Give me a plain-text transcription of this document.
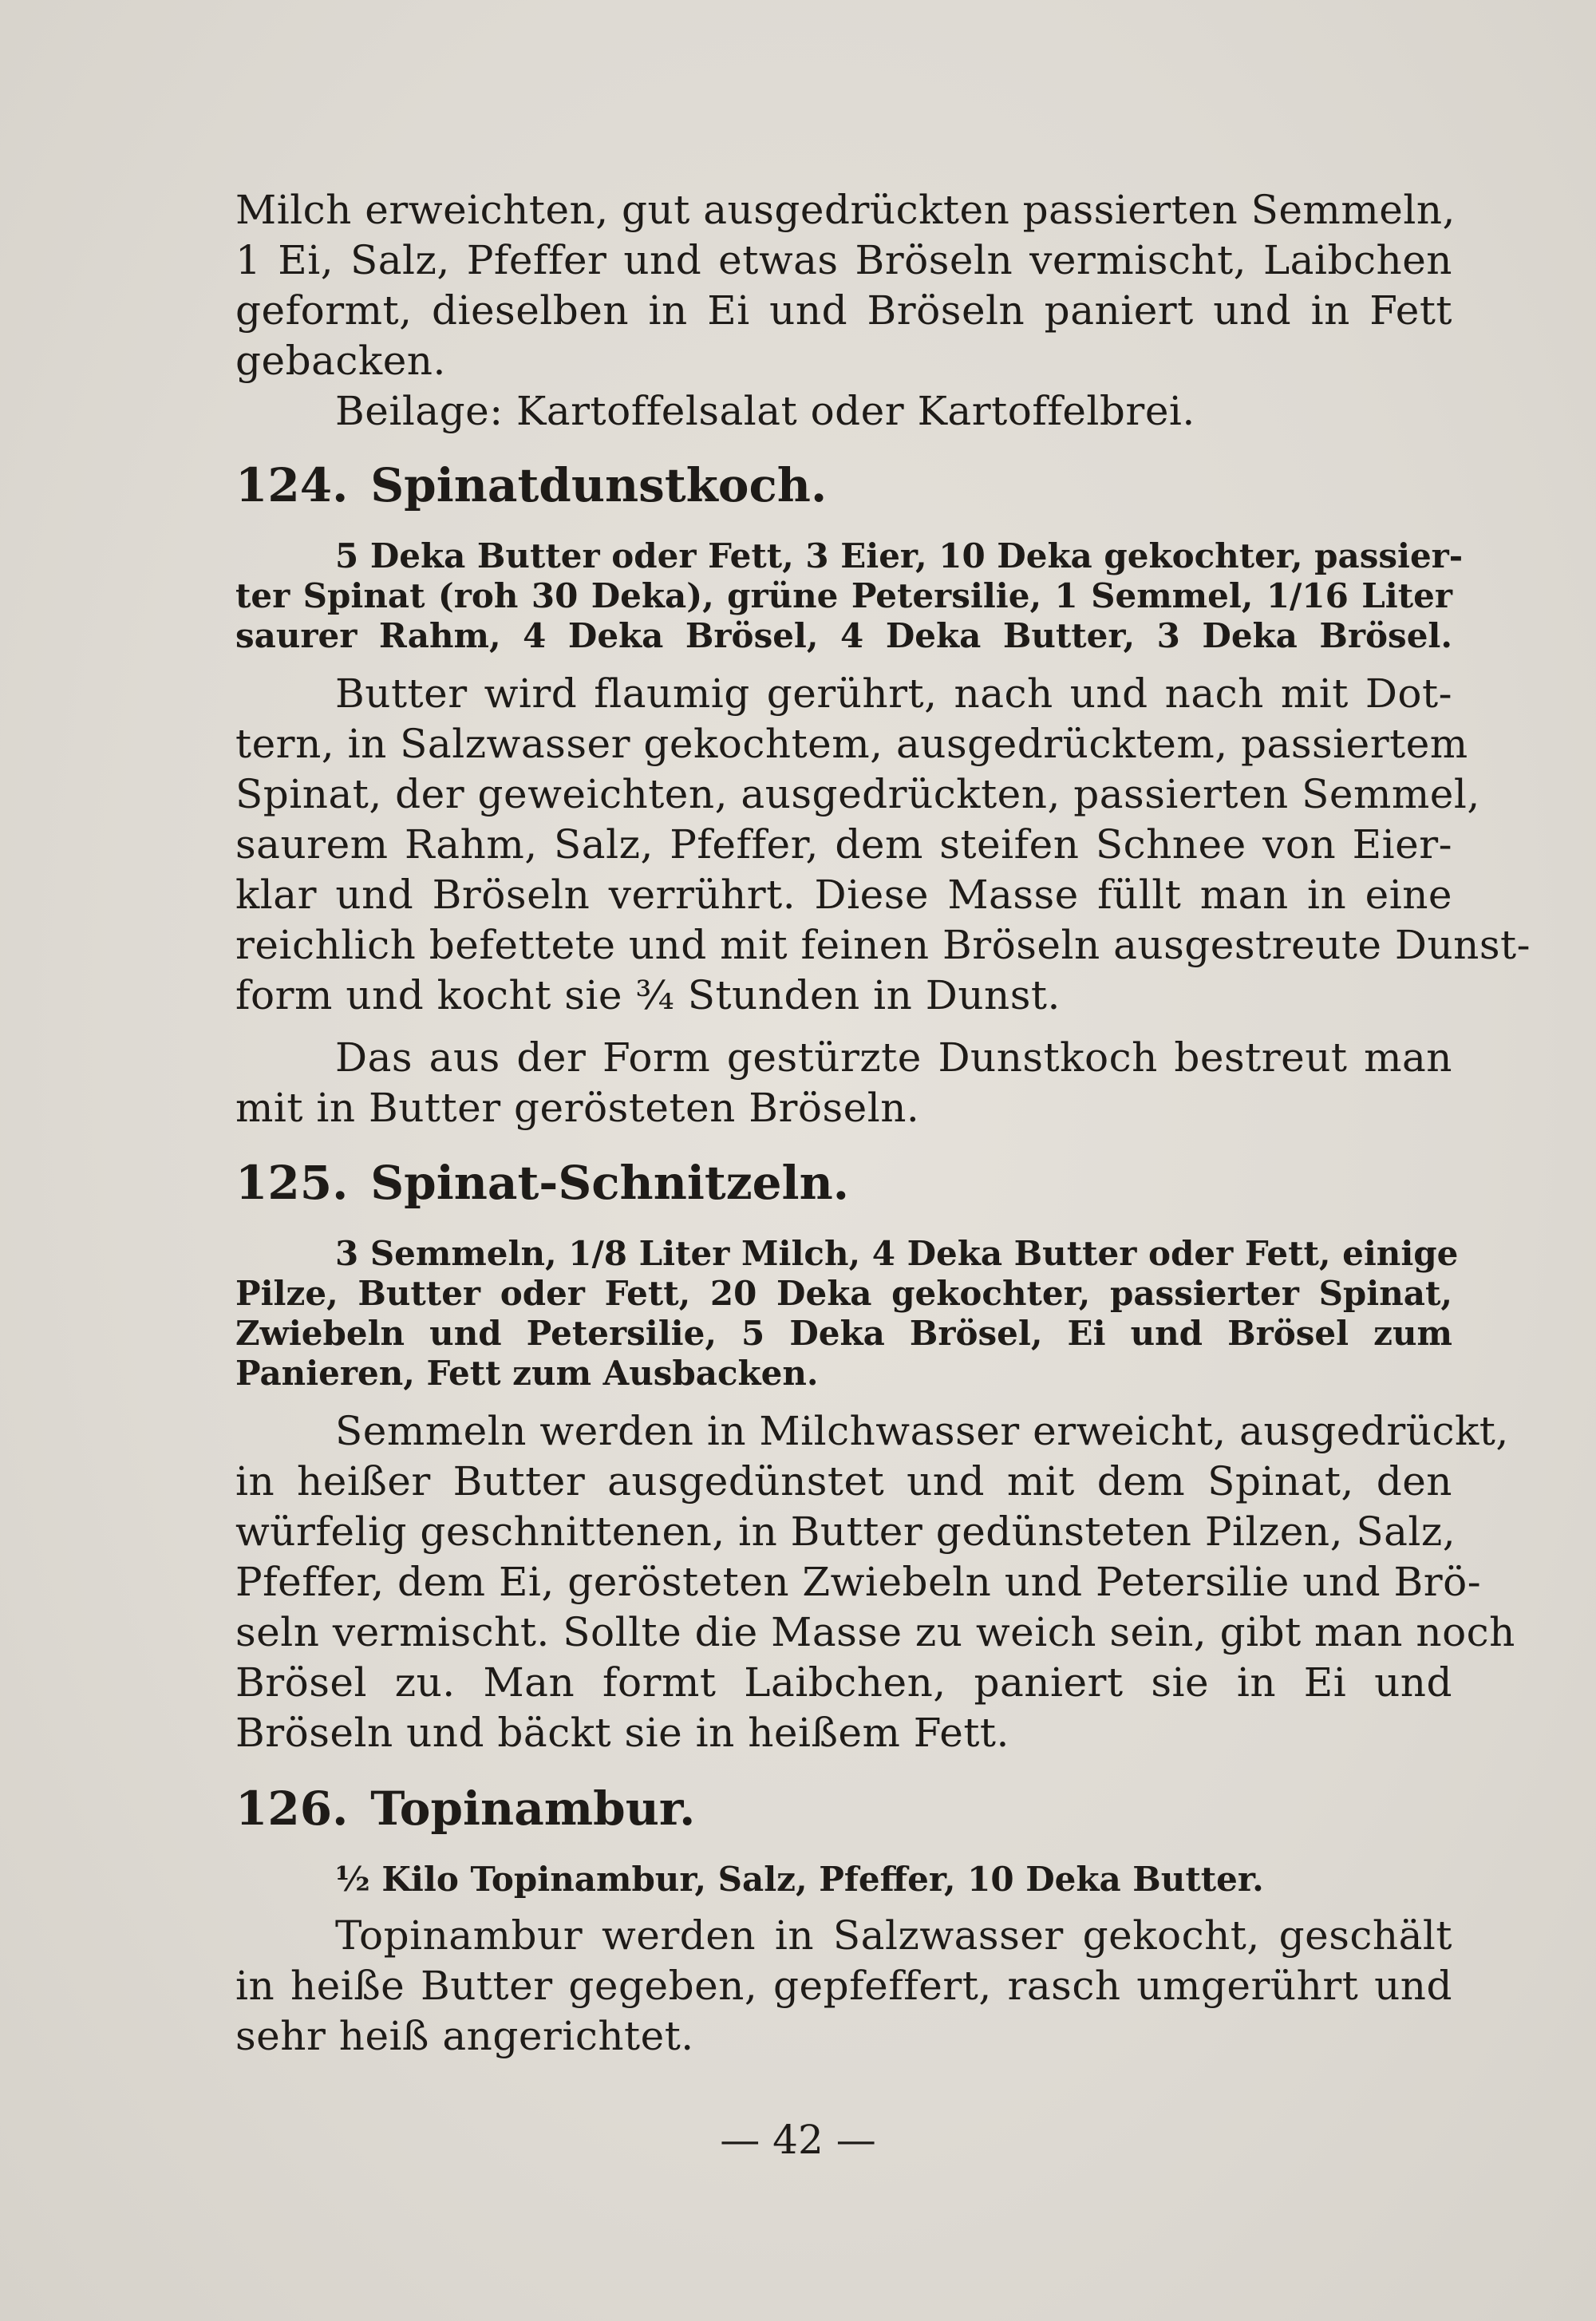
Milch erweichten, gut ausgedrückten passierten Semmeln,

1 Ei, Salz, Pfeffer und etwas Bröseln vermischt, Laibchen

geformt, dieselben in Ei und Bröseln paniert und in Fett

gebacken.

Beilage: Kartoffelsalat oder Kartoffelbrei.

124. Spinatdunstkoch.

5 Deka Butter oder Fett, 3 Eier, 10 Deka gekochter, passier-

ter Spinat (roh 30 Deka), grüne Petersilie, 1 Semmel, 1/16 Liter

saurer Rahm, 4 Deka Brösel, 4 Deka Butter, 3 Deka Brösel.

Butter wird flaumig gerührt, nach und nach mit Dot-

tern, in Salzwasser gekochtem, ausgedrücktem, passiertem

Spinat, der geweichten, ausgedrückten, passierten Semmel,

saurem Rahm, Salz, Pfeffer, dem steifen Schnee von Eier-

klar und Bröseln verrührt. Diese Masse füllt man in eine

reichlich befettete und mit feinen Bröseln ausgestreute Dunst-

form und kocht sie ¾ Stunden in Dunst.

Das aus der Form gestürzte Dunstkoch bestreut man

mit in Butter gerösteten Bröseln.

125. Spinat-Schnitzeln.

3 Semmeln, 1/8 Liter Milch, 4 Deka Butter oder Fett, einige

Pilze, Butter oder Fett, 20 Deka gekochter, passierter Spinat,

Zwiebeln und Petersilie, 5 Deka Brösel, Ei und Brösel zum

Panieren, Fett zum Ausbacken.

Semmeln werden in Milchwasser erweicht, ausgedrückt,

in heißer Butter ausgedünstet und mit dem Spinat, den

würfelig geschnittenen, in Butter gedünsteten Pilzen, Salz,

Pfeffer, dem Ei, gerösteten Zwiebeln und Petersilie und Brö-

seln vermischt. Sollte die Masse zu weich sein, gibt man noch

Brösel zu. Man formt Laibchen, paniert sie in Ei und

Bröseln und bäckt sie in heißem Fett.

126. Topinambur.

½ Kilo Topinambur, Salz, Pfeffer, 10 Deka Butter.

Topinambur werden in Salzwasser gekocht, geschält

in heiße Butter gegeben, gepfeffert, rasch umgerührt und

sehr heiß angerichtet.

— 42 —
